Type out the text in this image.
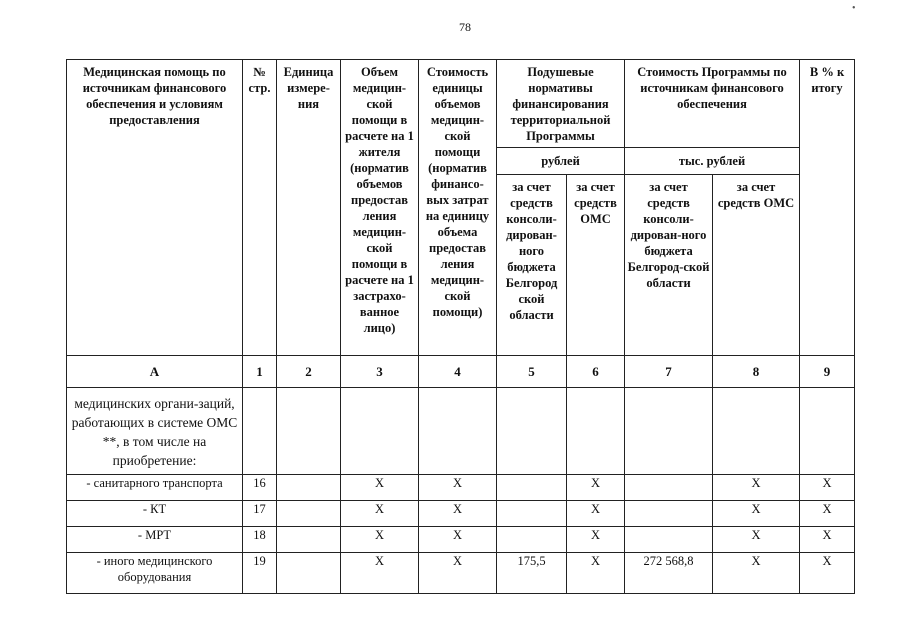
78
•
Медицинская помощь по источникам финансового обеспечения и условиям предоставления	№ стр.	Единица измере-ния	Объем медицин-ской помощи в расчете на 1 жителя (норматив объемов предостав ления медицин-ской помощи в расчете на 1 застрахо-ванное лицо)	Стоимость единицы объемов медицин-ской помощи (норматив финансо-вых затрат на единицу объема предостав ления медицин-ской помощи)	Подушевые нормативы финансирования территориальной Программы		Стоимость Программы по источникам финансового обеспечения		В % к итогу
					рублей		тыс. рублей		
					за счет средств консоли-дирован-ного бюджета Белгород ской области	за счет средств ОМС	за счет средств консоли-дирован-ного бюджета Белгород-ской области	за счет средств ОМС	
А	1	2	3	4	5	6	7	8	9
медицинских органи-заций, работающих в системе ОМС **, в том числе на приобретение:									
- санитарного транспорта	16		Х	Х		Х		Х	Х
- КТ	17		Х	Х		Х		Х	Х
- МРТ	18		Х	Х		Х		Х	Х
- иного медицинского оборудования	19		Х	Х	175,5	Х	272 568,8	Х	Х
